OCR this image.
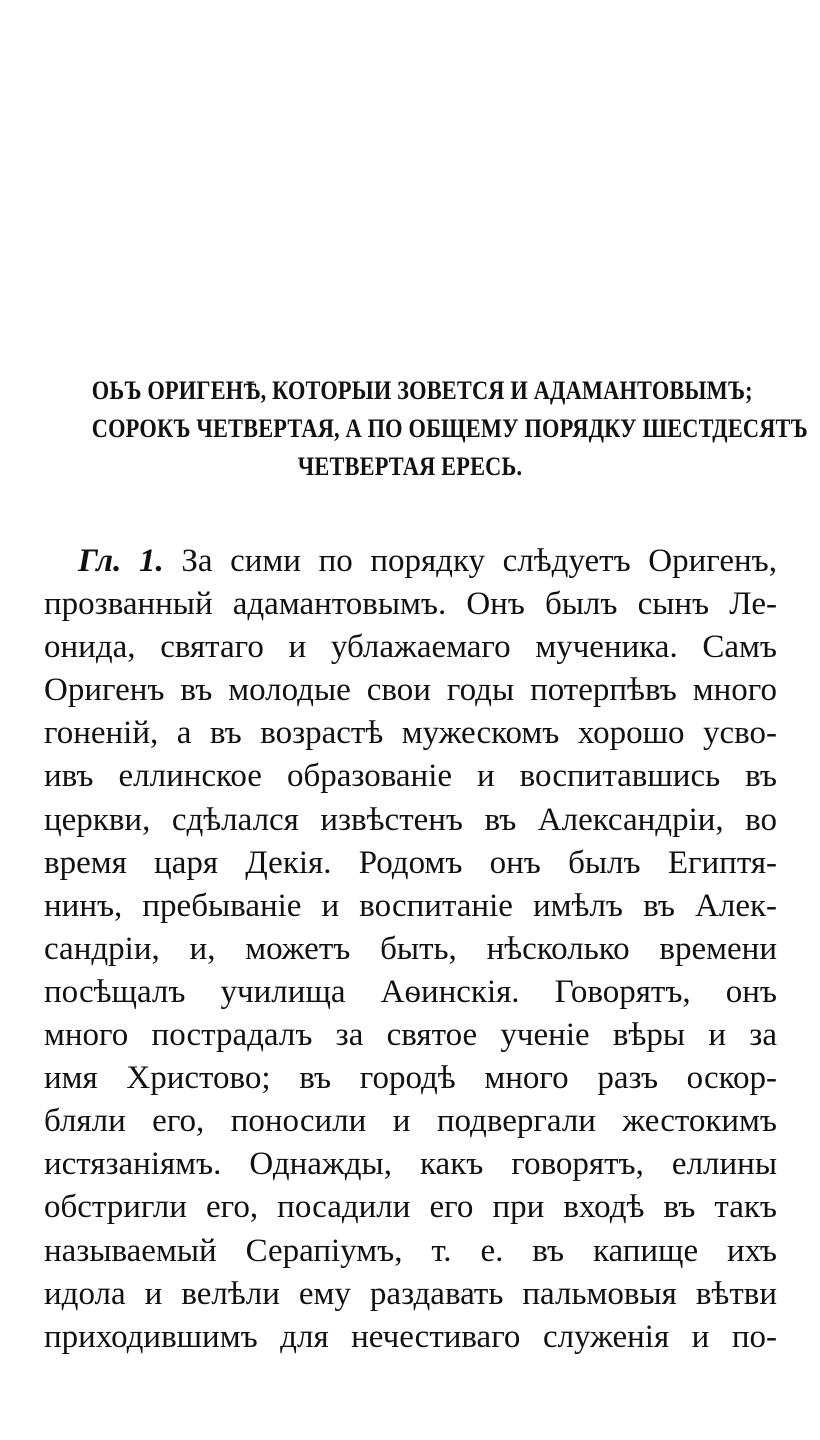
ОЬЪ ОРИГЕНѢ, КОТОРЫИ ЗОВЕТСЯ И АДАМАНТОВЫМЪ;
СОРОКЪ ЧЕТВЕРТАЯ, А ПО ОБЩЕМУ ПОРЯДКУ ШЕСТДЕСЯТЪ
ЧЕТВЕРТАЯ ЕРЕСЬ.
Гл. 1. За сими по порядку слѣдуетъ Оригенъ,
прозванный адамантовымъ. Онъ былъ сынъ Ле-
онида, святаго и ублажаемаго мученика. Самъ
Оригенъ въ молодые свои годы потерпѣвъ много
гоненій, а въ возрастѣ мужескомъ хорошо усво-
ивъ еллинское образованіе и воспитавшись въ
церкви, сдѣлался извѣстенъ въ Александріи, во
время царя Декія. Родомъ онъ былъ Египтя-
нинъ, пребываніе и воспитаніе имѣлъ въ Алек-
сандріи, и, можетъ быть, нѣсколько времени
посѣщалъ училища Аѳинскія. Говорятъ, онъ
много пострадалъ за святое ученіе вѣры и за
имя Христово; въ городѣ много разъ оскор-
бляли его, поносили и подвергали жестокимъ
истязаніямъ. Однажды, какъ говорятъ, еллины
обстригли его, посадили его при входѣ въ такъ
называемый Серапіумъ, т. е. въ капище ихъ
идола и велѣли ему раздавать пальмовыя вѣтви
приходившимъ для нечестиваго служенія и по-
